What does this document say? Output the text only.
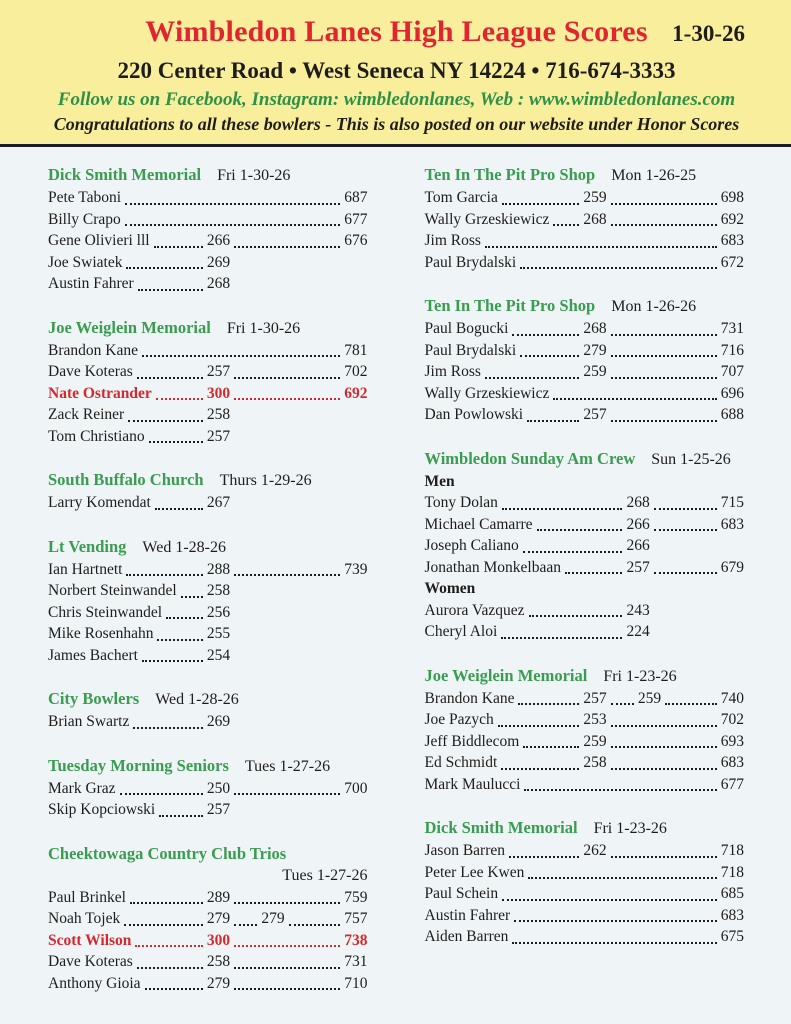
Wimbledon Lanes High League Scores 1-30-26
220 Center Road • West Seneca NY 14224 • 716-674-3333
Follow us on Facebook, Instagram: wimbledonlanes, Web : www.wimbledonlanes.com
Congratulations to all these bowlers - This is also posted on our website under Honor Scores
Dick Smith Memorial Fri 1-30-26
Pete Taboni	687
Billy Crapo	677
Gene Olivieri lll	266	676
Joe Swiatek	269
Austin Fahrer	268
Joe Weiglein Memorial Fri 1-30-26
Brandon Kane	781
Dave Koteras	257	702
Nate Ostrander	300	692
Zack Reiner	258
Tom Christiano	257
South Buffalo Church Thurs 1-29-26
Larry Komendat	267
Lt Vending Wed 1-28-26
Ian Hartnett	288	739
Norbert Steinwandel 258
Chris Steinwandel	256
Mike Rosenhahn	255
James Bachert	254
City Bowlers Wed 1-28-26
Brian Swartz	269
Tuesday Morning Seniors Tues 1-27-26
Mark Graz	250	700
Skip Kopciowski	257
Cheektowaga Country Club Trios
Tues 1-27-26
Paul Brinkel	289	759
Noah Tojek	279 279	757
Scott Wilson	300	738
Dave Koteras	258	731
Anthony Gioia	279	710
Ten In The Pit Pro Shop Mon 1-26-25
Tom Garcia	259	698
Wally Grzeskiewicz 268	692
Jim Ross	683
Paul Brydalski	672
Ten In The Pit Pro Shop Mon 1-26-26
Paul Bogucki	268	731
Paul Brydalski	279	716
Jim Ross	259	707
Wally Grzeskiewicz	696
Dan Powlowski	257	688
Wimbledon Sunday Am Crew Sun 1-25-26
Men
Tony Dolan	268	715
Michael Camarre	266	683
Joseph Caliano	266
Jonathan Monkelbaan	257	679
Women
Aurora Vazquez	243
Cheryl Aloi	224
Joe Weiglein Memorial Fri 1-23-26
Brandon Kane	257 259	740
Joe Pazych	253	702
Jeff Biddlecom	259	693
Ed Schmidt	258	683
Mark Maulucci	677
Dick Smith Memorial Fri 1-23-26
Jason Barren	262	718
Peter Lee Kwen	718
Paul Schein	685
Austin Fahrer	683
Aiden Barren	675
